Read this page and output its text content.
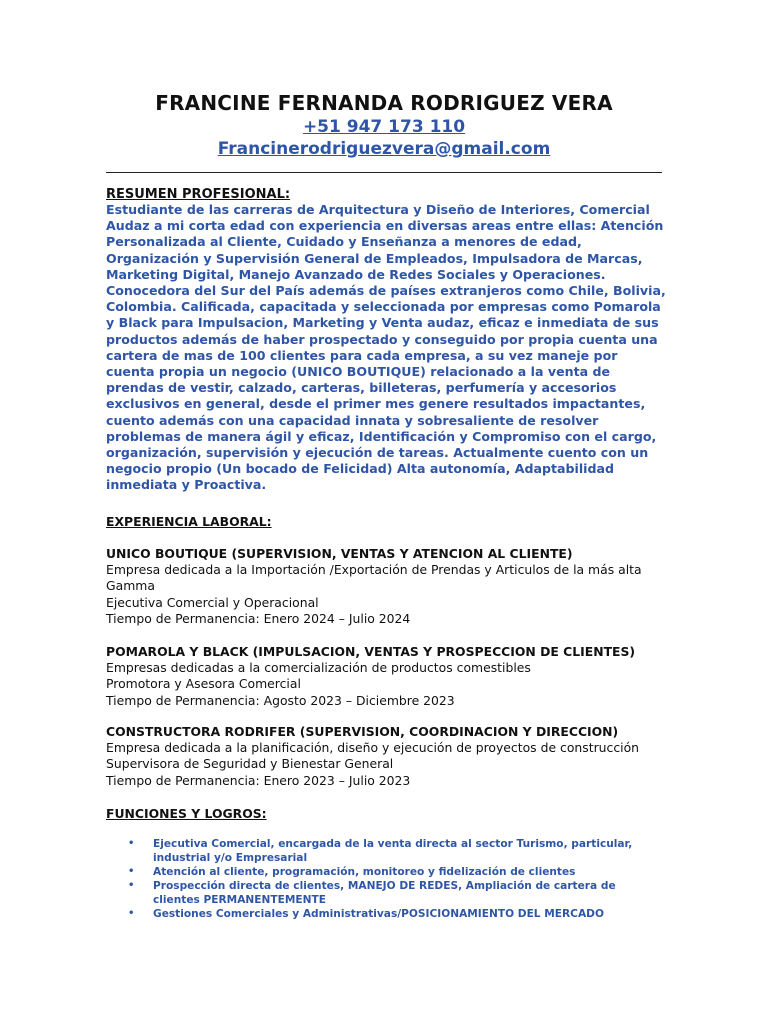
FRANCINE FERNANDA RODRIGUEZ VERA
+51 947 173 110
Francinerodriguezvera@gmail.com
RESUMEN PROFESIONAL:

Estudiante de las carreras de Arquitectura y Diseño de Interiores, Comercial Audaz a mi corta edad con experiencia en diversas areas entre ellas: Atención Personalizada al Cliente, Cuidado y Enseñanza a menores de edad, Organización y Supervisión General de Empleados, Impulsadora de Marcas, Marketing Digital, Manejo Avanzado de Redes Sociales y Operaciones. Conocedora del Sur del País además de países extranjeros como Chile, Bolivia, Colombia. Calificada, capacitada y seleccionada por empresas como Pomarola y Black para Impulsacion, Marketing y Venta audaz, eficaz e inmediata de sus productos además de haber prospectado y conseguido por propia cuenta una cartera de mas de 100 clientes para cada empresa, a su vez maneje por cuenta propia un negocio (UNICO BOUTIQUE) relacionado a la venta de prendas de vestir, calzado, carteras, billeteras, perfumería y accesorios exclusivos en general, desde el primer mes genere resultados impactantes, cuento además con una capacidad innata y sobresaliente de resolver problemas de manera ágil y eficaz, Identificación y Compromiso con el cargo, organización, supervisión y ejecución de tareas. Actualmente cuento con un negocio propio (Un bocado de Felicidad) Alta autonomía, Adaptabilidad inmediata y Proactiva.

EXPERIENCIA LABORAL:

UNICO BOUTIQUE (SUPERVISION, VENTAS Y ATENCION AL CLIENTE)

Empresa dedicada a la Importación /Exportación de Prendas y Articulos de la más alta Gamma

Ejecutiva Comercial y Operacional

Tiempo de Permanencia: Enero 2024 – Julio 2024

POMAROLA Y BLACK (IMPULSACION, VENTAS Y PROSPECCION DE CLIENTES)

Empresas dedicadas a la comercialización de productos comestibles

Promotora y Asesora Comercial

Tiempo de Permanencia: Agosto 2023 – Diciembre 2023

CONSTRUCTORA RODRIFER (SUPERVISION, COORDINACION Y DIRECCION)

Empresa dedicada a la planificación, diseño y ejecución de proyectos de construcción

Supervisora de Seguridad y Bienestar General

Tiempo de Permanencia: Enero 2023 – Julio 2023

FUNCIONES Y LOGROS:
• Ejecutiva Comercial, encargada de la venta directa al sector Turismo, particular, industrial y/o Empresarial
• Atención al cliente, programación, monitoreo y fidelización de clientes
• Prospección directa de clientes, MANEJO DE REDES, Ampliación de cartera de clientes PERMANENTEMENTE
• Gestiones Comerciales y Administrativas/POSICIONAMIENTO DEL MERCADO
